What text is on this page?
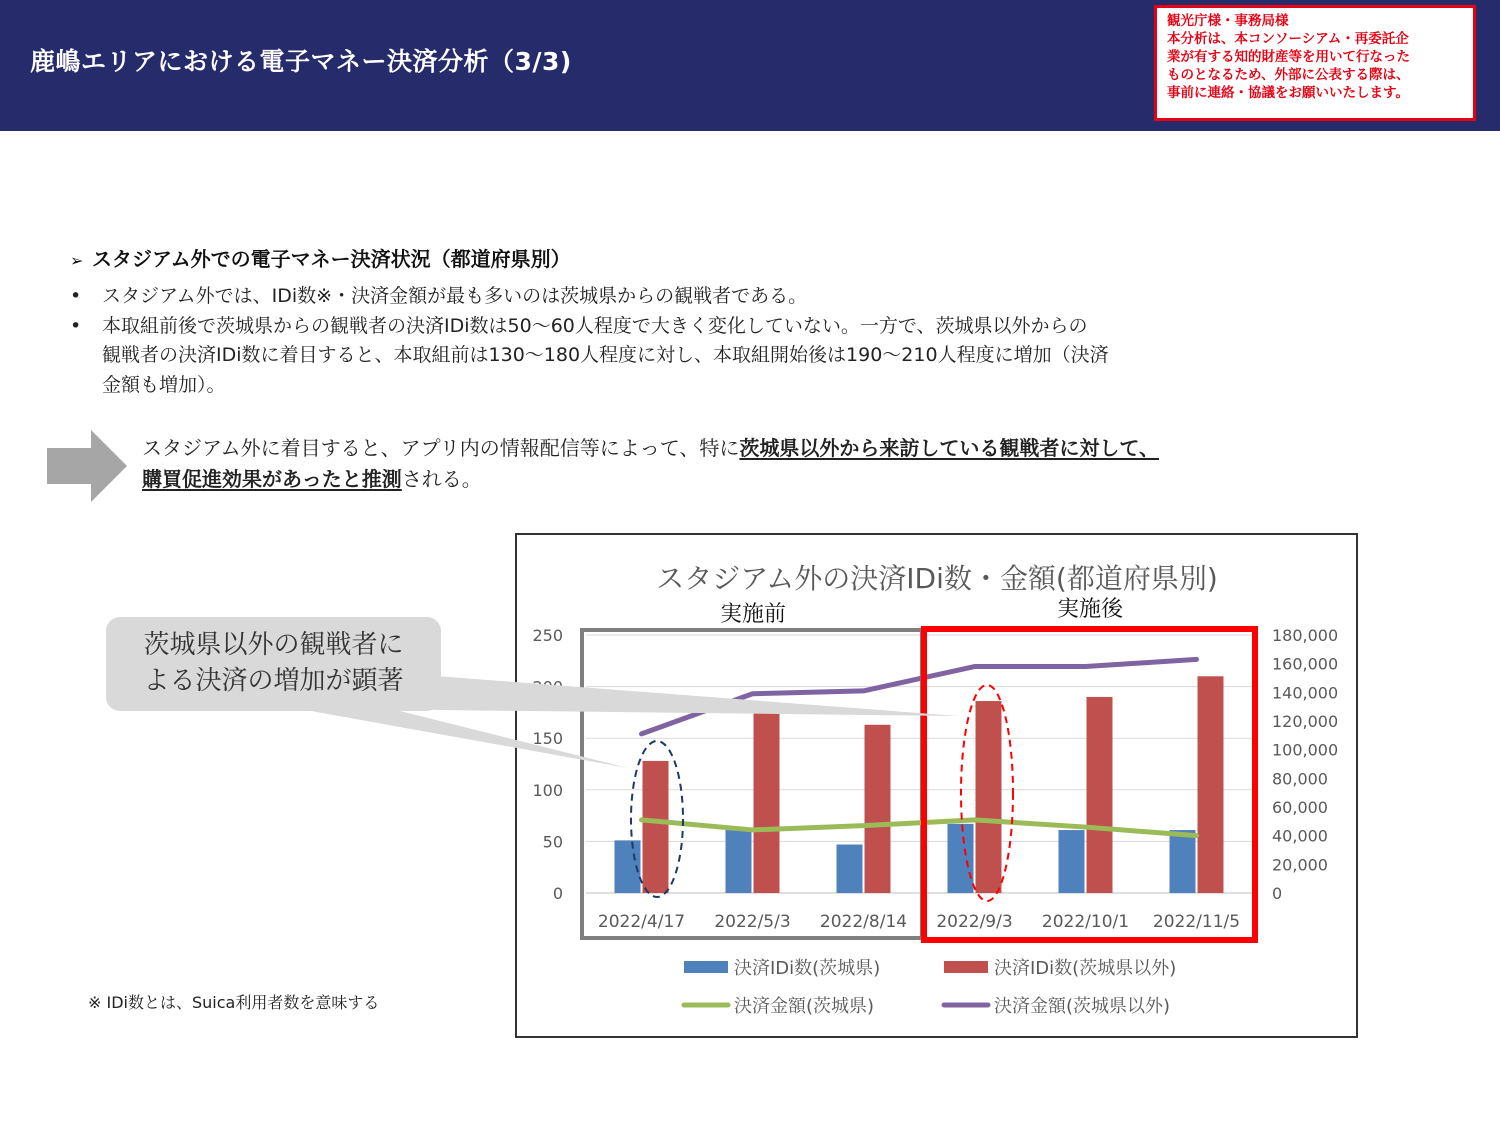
鹿嶋エリアにおける電子マネー決済分析（3/3)
観光庁様・事務局様
本分析は、本コンソーシアム・再委託企
業が有する知的財産等を用いて行なった
ものとなるため、外部に公表する際は、
事前に連絡・協議をお願いいたします。
➢ スタジアム外での電子マネー決済状況（都道府県別）
•	スタジアム外では、IDi数※・決済金額が最も多いのは茨城県からの観戦者である。
•	本取組前後で茨城県からの観戦者の決済IDi数は50～60人程度で大きく変化していない。一方で、茨城県以外からの
観戦者の決済IDi数に着目すると、本取組前は130～180人程度に対し、本取組開始後は190～210人程度に増加（決済
金額も増加）。
スタジアム外に着目すると、アプリ内の情報配信等によって、特に茨城県以外から来訪している観戦者に対して、
購買促進効果があったと推測される。
※ IDi数とは、Suica利用者数を意味する
スタジアム外の決済IDi数・金額(都道府県別)
実施前
0
50
100
150
250
0
20,000
40,000
60,000
80,000
100,000
120,000
140,000
160,000
180,000
2022/4/17 2022/5/3 2022/8/14 2022/9/3 2022/10/1 2022/11/5
実施後
決済IDi数(茨城県)	決済IDi数(茨城県以外)
決済金額(茨城県)	決済金額(茨城県以外)
茨城県以外の観戦者に
よる決済の増加が顕著
